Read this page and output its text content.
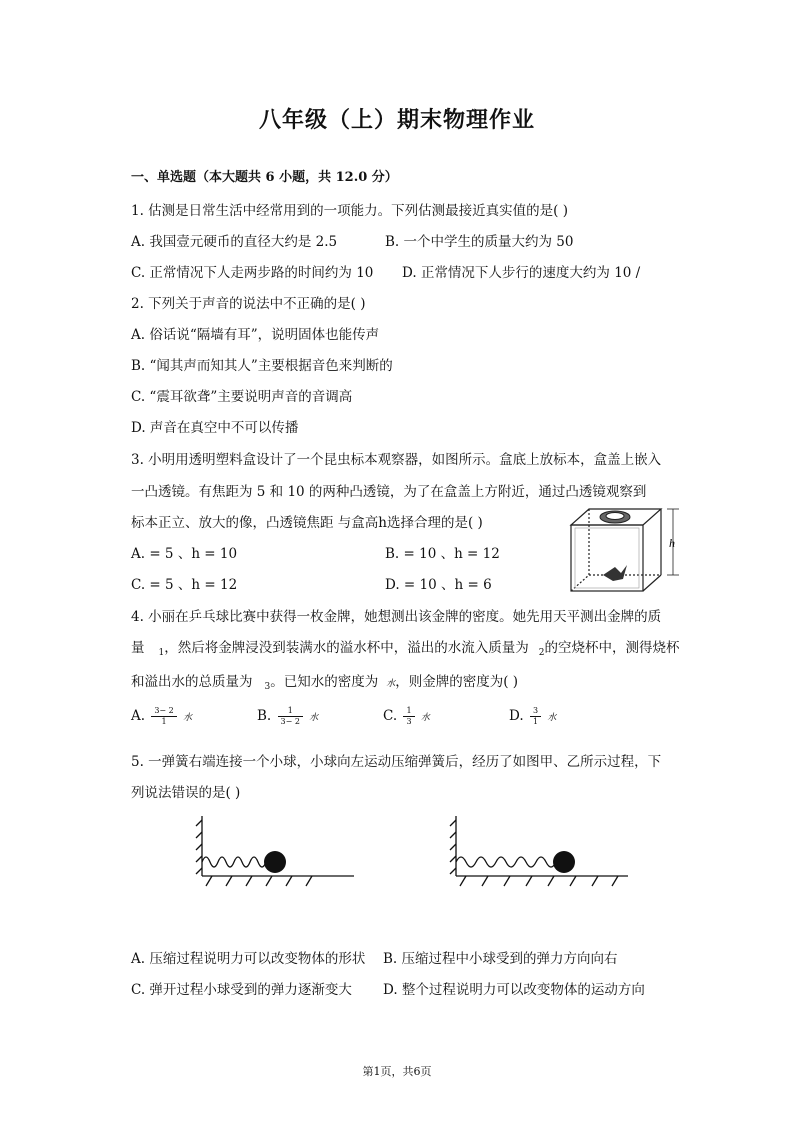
八年级（上）期末物理作业
一、单选题（本大题共 6 小题，共 12.0 分）
1. 估测是日常生活中经常用到的一项能力。下列估测最接近真实值的是( )
A. 我国壹元硬币的直径大约是 2.5	B. 一个中学生的质量大约为 50
C. 正常情况下人走两步路的时间约为 10 D. 正常情况下人步行的速度大约为 10 /
2. 下列关于声音的说法中不正确的是( )
A. 俗话说“隔墙有耳”，说明固体也能传声
B. “闻其声而知其人”主要根据音色来判断的
C. “震耳欲聋”主要说明声音的音调高
D. 声音在真空中不可以传播
3. 小明用透明塑料盒设计了一个昆虫标本观察器，如图所示。盒底上放标本，盒盖上嵌入
一凸透镜。有焦距为 5 和 10 的两种凸透镜，为了在盒盖上方附近，通过凸透镜观察到
标本正立、放大的像，凸透镜焦距 与盒高h选择合理的是( )
A. = 5 、h = 10	B. = 10 、h = 12
C. = 5 、h = 12	D. = 10 、h = 6
h
4. 小丽在乒乓球比赛中获得一枚金牌，她想测出该金牌的密度。她先用天平测出金牌的质
量 $_1$，然后将金牌浸没到装满水的溢水杯中，溢出的水流入质量为 $_2$的空烧杯中，测得烧杯
和溢出水的总质量为 $_3$。已知水的密度为 水，则金牌的密度为( )
A. $\frac{3- 2}{1}$ 水	B. $\frac{1}{3- 2}$ 水	C. $\frac{1}{3}$ 水	D. $\frac{3}{1}$ 水
5. 一弹簧右端连接一个小球，小球向左运动压缩弹簧后，经历了如图甲、乙所示过程，下
列说法错误的是( )
A. 压缩过程说明力可以改变物体的形状 B. 压缩过程中小球受到的弹力方向向右
C. 弹开过程小球受到的弹力逐渐变大 D. 整个过程说明力可以改变物体的运动方向
第1页，共6页
